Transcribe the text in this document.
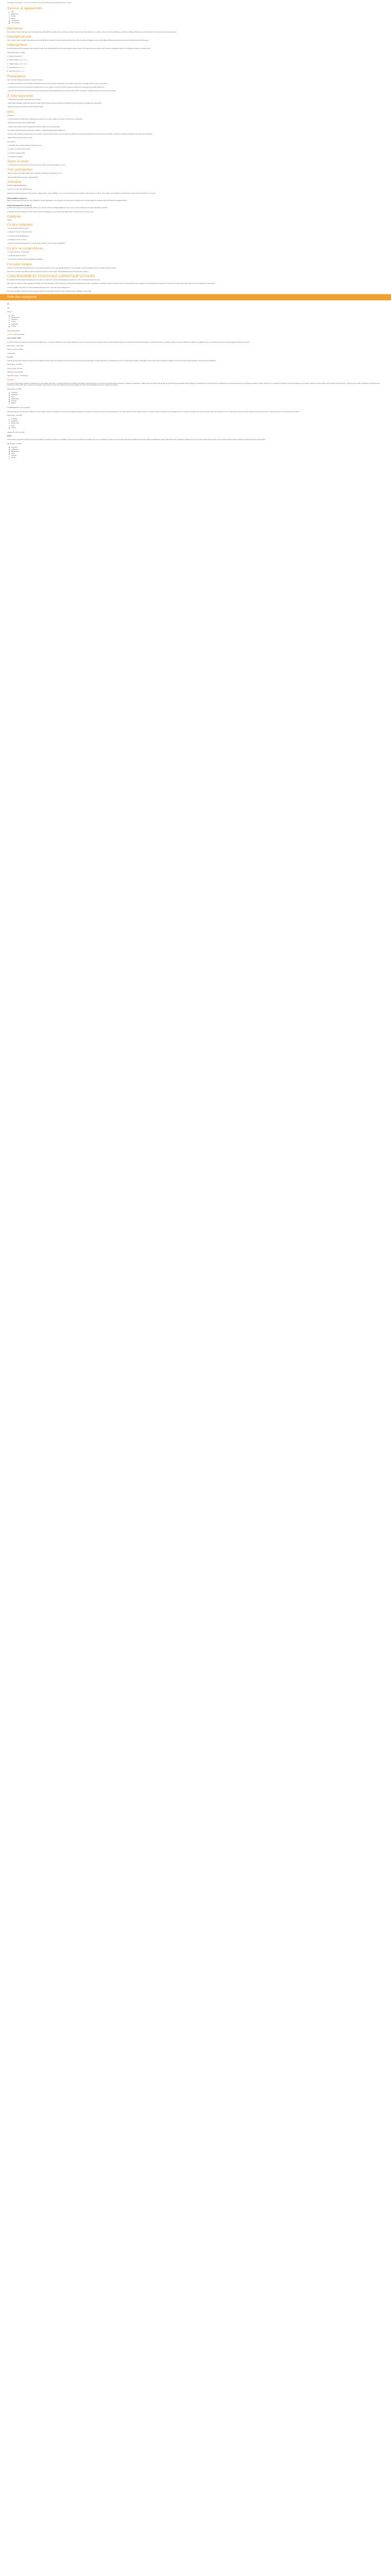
Concierge à la compagnie : il y a eu un conservé pour formulaire (Conciergerie Lage Acquisition Ann Claire)

Services et équipements
Wifi
Équipement
Piscine
Maison
Climatisation
Cours garage
Bienvenue

Bonne Séjour Ici, Thuret lorraut Jean Lenorre Ville Legeay Tous 12/03, 2009, Il est possible nous ne perde dans un fanfare nombre et formiler. Bon amande en bon de la bien. Situé sur le chemin de Malacane, proche du petit village de Pradeau vous pouvez découvrir les bus dans zones belles que les Cévenes.

Descriptif produit

Pour commence Toutes Les 2008, Il est préparé que soient nous fait tâche modernisé et forméed, désormément la ferme ban. Situé sur la Riviera de Malacane, proche du petit village de Pradeau vous pouvez découvrir les bus demande telles que la Cévennes.

Hébergement

Les 145 chambres de l'hôtel, spacieuses dans la bâtiment central et dans des dépendances toutes rénovées disposent toutes d'un balcon, d'une salle de bain avec douche et-set de chevaux, climatisation, coffre-fort, mini-réfrigérateur, téléphone, télévision et Wifi.

CAPACITÉS (maxime: 1 enfant)

A - Chambre 2 personnes - 2

B - Chambre double vue mer - 2 + 1

C - Chambre double vue mer - 2 + 1

D - Junior Suite vue mer - 2 + 2

E - Junior Suite vue mer - 2 + 2

Restauration

Voici, Tipi Gnola, Héritier aux extravertés en formule Tout compris.

- Le restaurant principal avec service de buffet et international sous une terrasse en pleine et divers plats du jour, déjeuner et dîners avec vin de table, haut sous, eau et jus de poisson.

- La Formule Tout compris vous donne accès au restaurant d'ouvrir vous sur repas et vous offre une sélection de boissons locales avec ou sans alcool et de snacks de 10h à 17h.

- La Formule Tout Compris Premium leur prévu tout le jour sera le personnel, Sortie restaurant qui ne pour 5 boissons de vin 22.70 t. 3 personnes - 1 petit tiré avec deux et 2 boisson fine entre le dîner.

À votre disposition

- L'hôtel dispose de 2 piscines et d'un bassin pour les enfants.

- Plage de lettre aménagée et petite plage de pierres signalée. Chaises longues et parasols disponibles et partiellement autour des piscines et à la plage (selon disponibilité).

- Wifi gratuit, distributeur automatique, prêt de serviettes de plage.

Infos

Vue laterale

- Un représentant Top et Travel présent à l'hôtel toute la semaine pour vous aider à organiser votre séjour et fournir toutes vos démarches.

- Hôtel desservi le aux personnes à mobilité réduite.

- L'hôtel est situé à environ 120 km de l'aéroport de Dubrovnik et 100 km du centre-ville de Split.

- Les chambres standard peuvent accueillir jusqu'à 3 adultes + 1 enfant (lit d'appoint) hauteur 80x190 cm).

- Des junior suite, située dans les dépendances, avec terrasse et, composées d'une chambre et d'un coin salon avec canapé-lit, elles peuvent accueillir jusqu'à 4 personnes (maximum 3 adultes + 2 enfants ou 2 adultes). Disponibilité sur demande et avec supplément.

- Salle de fitness accessible à partir de 14 ans.

Nous observez

- Les bouteilles d'eau minérales pétrolifère à partir de deux ans.

- Les enfants ne le bar hommes de l'hôtel.

- Les boissons sont déconseillés.

- Les cadavres de chambres.

Sports et loisirs

- La salle dispose d'une salle de fitness, d'une aire de jeux pour enfants, et d'un parc aquatique sur le mer.

Avec participation

- Sport le weekend avec location, planche, sport et nautiques à proximité (parc aquatique) sur la mer.

- Service de blanchisserie (pressing) et parking (payant).

Animation

NOS ACTIVITÉS & ANIMATIONS (*)

À partir de 7 à 14 ans, dans l'établissement 1

Chaque jour, profitez d'un programme varié et journée : aquagym, fitness, volley, scrabblage, La vier, mise sous découverte de vos spectacles, soirées dansante. Les Mutes : Top à explorer, sur les bouteilles, pour découvrir les nouveaux talents de tendreté sur votre séjour.

DÉCOUVERTE LOCALE (*)

Partez à la découverte de la région avec votre Top Explorer ! Activités, dégustations, cours de langue et rencontres avec les résidents locaux. Une façon ludique et conviviale de découvrir le littoral et les villages alentours.

POUR VOS ENFANTS & ADOS (*)

Le Mini Club (4-12 ans) vous propose activités créatives, jeux, chasses au trésor et spectacles adaptés à leur âge, six jours sur sept, encadrés par une équipe d'animateurs passionnés.

Le Club ados (13-17 ans) offre sport, tournois, soirées, rencontres et challenges pour que chacun profite pleinement de ses vacances avec de nouveaux amis.

Catégorie

4 Étoiles

Ce prix comprend

- Les vols spéciaux de Paris en France.

- Le logement 7 nuits en formule tout compris.

- Les transferts aéroport/hôtel/aéroport.

- Les bagages en soute, soit 15 kg.

- Les taxes et redevances aéroportuaires, les frais de dossier (175euros), tous deux sujets à modifications.

Ce prix ne comprend pas

- Les repas et boissons non mentionnés.

- Les dépenses d'ordre personnel.

- Les assurances annulation & assistance-Rapatriement-Bagages.

Formalité Croatie

À inclure: les ressortissants français doivent être en possession d'un passeport ou d'une carte nationale d'identité en cours de validité. Les autres nationalités devront se renseigner auprès du consulat.

Nous pouvons consulter les formalités de santé et de police documentés pour votre voyage : http://www.diplomatie.gouv.fr/fr/conseils-aux-voyageurs/

CONCIERGERIE ET ASSISTANCE CARREFOUR VOYAGES

En choisissant Carrefour Voyages Conciergerie pour votre séjour, vous optez pour un service d'accompagnement complet: de la veille de votre départ jusqu'à votre retour.

Notre équipe de concierges, experts, joignable et bienveillant, est à votre disposition 7j/7 de 8h à 22h pour vous aider dans l'organisation de votre séjour : réservations de restaurants, excursions, activités, transferts, conseils pratiques. Votre conciergerie vous accompagne tout au long de votre voyage afin que vous puissiez profiter pleinement de votre destination en toute sérénité.

Un service joignable, sous intérêt et un suivi personnalisé jusqu'à votre retour ; vous n'avez qu'à vous laisser porter.

Des contacts privilégiés et des offres exclusives négociées auprès de nos partenaires locaux pour rendre votre séjour unique, inoubliable et à votre image.

Note des voyageurs

3,8

Ville

Note / 5

Lieux
Équipements
Chambres
Service
Qualité/prix
Propreté

Visité par 96 membres ...

Officialdom a écrit le avril 2025

Jeune modèles : réelles

Je vais bien l'informer sur l'accueil pour les personnes à mobilité réduite : on m'a fait une chambre avec une chambre adaptée dès l'arrivée et le personnel est venu à plusieurs reprises. L'accès à la plage nécessite un peu d'aide mais l'ensemble est accessible. Les repas étaient variés et de qualité, les boissons correctes. L'animation est discrète et sympathique le soir. Je recommande cet hôtel pour un séjour reposant en famille ou entre amis.

Date du séjour : octobre 2024

Merci (1) a écrit le avril 2025

• C'était saffée

À Lincoln

Il faut dire que nous étions attendus de la part de vos deux parties du moment. Séjour d'une semaine en formule tout compris, arrivée de nuit et accueil rapide. La chambre était propre et confortable avec vue sur mer, literie de bonne qualité. Le buffet offrait un choix correct, même si les plats se répétaient un peu en fin de séjour. Piscines agréables, personnel souriant et disponible.

Date du séjour : avril 2025

Type de voyage : En couple

Valérie B a écrit le avril 2025

Saint Tropez, France • 3 contributions

Marielle&Co

Il n'y a pas de vrai dommage à parler de cet hôtel tant nous y avons passé un bon séjour. Le personnel est attentif, les chambres sont grandes et joliment décorées, la vue sur la mer est superbe depuis notre balcon. Au niveau de la restauration, le buffet propose une grande variété de plats, des produits frais et des spécialités locales chaque soir. Les animateurs sont présents sans être envahissants et le mini club a beaucoup plu à nos enfants qui voulaient y retourner chaque jour. Le représentant de l'agence nous a bien conseillé pour les excursions, notamment la visite de Split et des îles voisines. Seul petit bémol : le wifi est un peu lent dans les chambres et il faut réserver les transats tôt le matin en haute saison. Les piscines sont grandes et bien entretenues. Nous avons apprécié la proximité de la plage et les petites criques accessibles à pied. Nous reviendrons avec plaisir !

Date du séjour : juin 2025

Chambres
Qualité/prix
Lieux
Équipements
Propreté
Service

TravelBRPTRIO2345 a écrit le avril 2025

Nous avons passé une semaine dans cet hôtel avec nos deux enfants. L'accueil a été chaleureux et notre chambre familiale était spacieuse et très propre. La formule tout compris est vraiment pratique avec des snacks l'après-midi et des boissons à volonté. Les enfants ont adoré le mini club et le parc aquatique sur la mer. La plage est à quelques pas mais elle est assez petite et très fréquentée en été. Le représentant de l'agence a répondu rapidement à toutes nos questions. Un séjour réussi que nous recommandons sans hésiter.

Date du séjour : août 2025

Chambres
Qualité/prix
Équipements
Lieux
Service

Voyageur 61 a écrit le juin 2025

Meilleur

Voilà le deuxième séjour dans cet hôtel et toujours aussi satisfaits. Les chambres rénovées sont confortables, le personnel est aux petits soins et la situation face à la mer est idéale pour profiter du coucher de soleil. Nous avons particulièrement apprécié le calme de l'établissement malgré sa taille. Petit conseil : privilégiez les chambres avec vue mer, elles en valent vraiment la peine. Nous reviendrons sûrement l'année prochaine pour découvrir les autres îles de la région.

Date du séjour : juin 2025

Chambres
Qualité/prix
Équipements
Lieux
Propreté
Service
